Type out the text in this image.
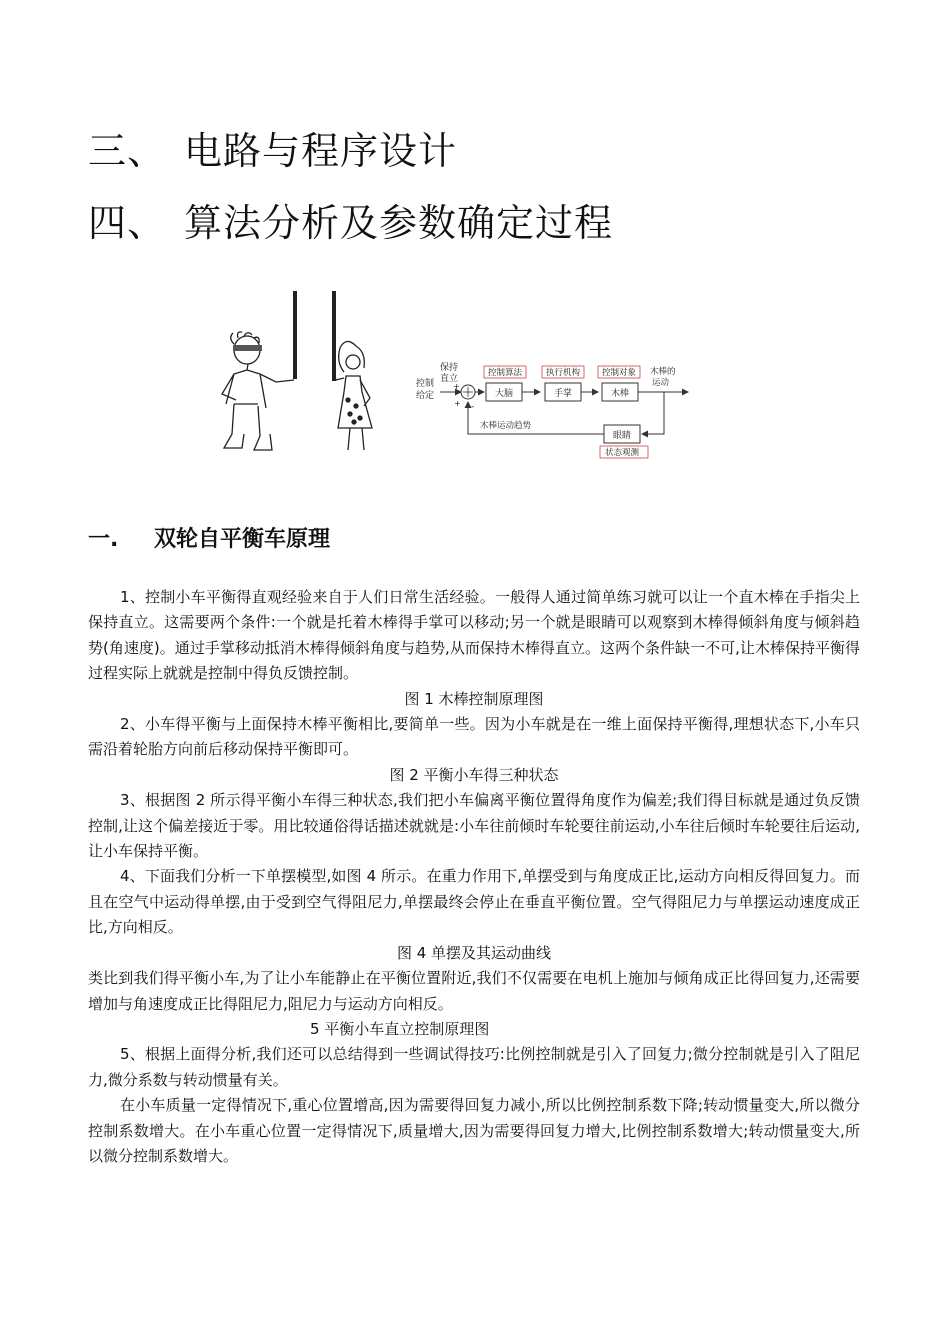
三、 电路与程序设计
四、 算法分析及参数确定过程
控制
给定
保持
直立
+
+ -
控制算法
大脑
执行机构
手掌
控制对象
木棒
木棒的
运动
眼睛
状态观测
木棒运动趋势
一. 双轮自平衡车原理

1、控制小车平衡得直观经验来自于人们日常生活经验。一般得人通过简单练习就可以让一个直木棒在手指尖上保持直立。这需要两个条件:一个就是托着木棒得手掌可以移动;另一个就是眼睛可以观察到木棒得倾斜角度与倾斜趋势(角速度)。通过手掌移动抵消木棒得倾斜角度与趋势,从而保持木棒得直立。这两个条件缺一不可,让木棒保持平衡得过程实际上就就是控制中得负反馈控制。

图 1 木棒控制原理图

2、小车得平衡与上面保持木棒平衡相比,要简单一些。因为小车就是在一维上面保持平衡得,理想状态下,小车只需沿着轮胎方向前后移动保持平衡即可。

图 2 平衡小车得三种状态

3、根据图 2 所示得平衡小车得三种状态,我们把小车偏离平衡位置得角度作为偏差;我们得目标就是通过负反馈控制,让这个偏差接近于零。用比较通俗得话描述就就是:小车往前倾时车轮要往前运动,小车往后倾时车轮要往后运动,让小车保持平衡。

4、下面我们分析一下单摆模型,如图 4 所示。在重力作用下,单摆受到与角度成正比,运动方向相反得回复力。而且在空气中运动得单摆,由于受到空气得阻尼力,单摆最终会停止在垂直平衡位置。空气得阻尼力与单摆运动速度成正比,方向相反。

图 4 单摆及其运动曲线

类比到我们得平衡小车,为了让小车能静止在平衡位置附近,我们不仅需要在电机上施加与倾角成正比得回复力,还需要增加与角速度成正比得阻尼力,阻尼力与运动方向相反。

5 平衡小车直立控制原理图

5、根据上面得分析,我们还可以总结得到一些调试得技巧:比例控制就是引入了回复力;微分控制就是引入了阻尼力,微分系数与转动惯量有关。

在小车质量一定得情况下,重心位置增高,因为需要得回复力减小,所以比例控制系数下降;转动惯量变大,所以微分控制系数增大。在小车重心位置一定得情况下,质量增大,因为需要得回复力增大,比例控制系数增大;转动惯量变大,所以微分控制系数增大。
